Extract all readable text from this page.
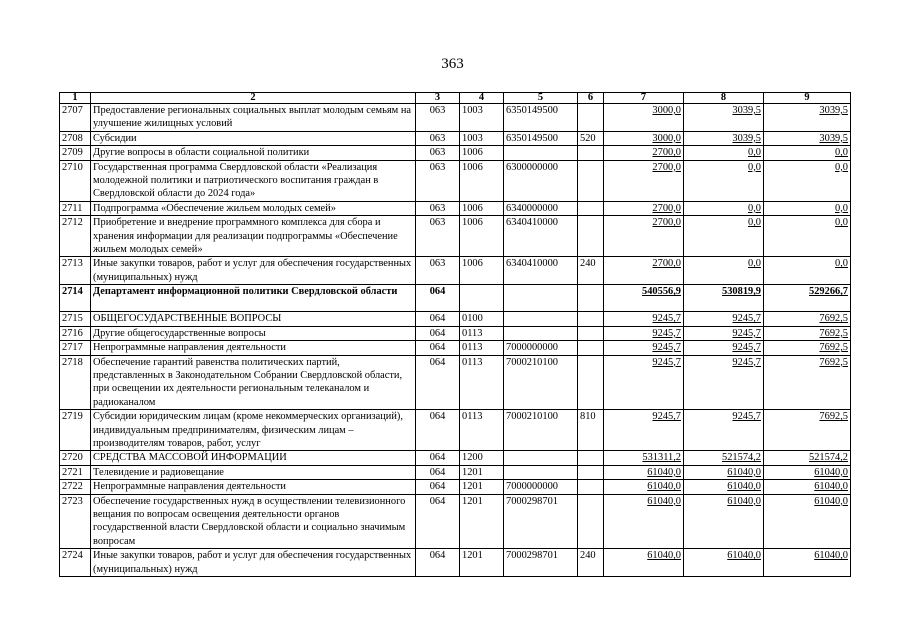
363
1	2	3	4	5	6	7	8	9
2707	Предоставление региональных социальных выплат молодым семьям на улучшение жилищных условий	063	1003	6350149500		3000,0	3039,5	3039,5
2708	Субсидии	063	1003	6350149500	520	3000,0	3039,5	3039,5
2709	Другие вопросы в области социальной политики	063	1006			2700,0	0,0	0,0
2710	Государственная программа Свердловской области «Реализация молодежной политики и патриотического воспитания граждан в Свердловской области до 2024 года»	063	1006	6300000000		2700,0	0,0	0,0
2711	Подпрограмма «Обеспечение жильем молодых семей»	063	1006	6340000000		2700,0	0,0	0,0
2712	Приобретение и внедрение программного комплекса для сбора и хранения информации для реализации подпрограммы «Обеспечение жильем молодых семей»	063	1006	6340410000		2700,0	0,0	0,0
2713	Иные закупки товаров, работ и услуг для обеспечения государственных (муниципальных) нужд	063	1006	6340410000	240	2700,0	0,0	0,0
2714	Департамент информационной политики Свердловской области	064				540556,9	530819,9	529266,7
2715	ОБЩЕГОСУДАРСТВЕННЫЕ ВОПРОСЫ	064	0100			9245,7	9245,7	7692,5
2716	Другие общегосударственные вопросы	064	0113			9245,7	9245,7	7692,5
2717	Непрограммные направления деятельности	064	0113	7000000000		9245,7	9245,7	7692,5
2718	Обеспечение гарантий равенства политических партий, представленных в Законодательном Собрании Свердловской области, при освещении их деятельности региональным телеканалом и радиоканалом	064	0113	7000210100		9245,7	9245,7	7692,5
2719	Субсидии юридическим лицам (кроме некоммерческих организаций), индивидуальным предпринимателям, физическим лицам – производителям товаров, работ, услуг	064	0113	7000210100	810	9245,7	9245,7	7692,5
2720	СРЕДСТВА МАССОВОЙ ИНФОРМАЦИИ	064	1200			531311,2	521574,2	521574,2
2721	Телевидение и радиовещание	064	1201			61040,0	61040,0	61040,0
2722	Непрограммные направления деятельности	064	1201	7000000000		61040,0	61040,0	61040,0
2723	Обеспечение государственных нужд в осуществлении телевизионного вещания по вопросам освещения деятельности органов государственной власти Свердловской области и социально значимым вопросам	064	1201	7000298701		61040,0	61040,0	61040,0
2724	Иные закупки товаров, работ и услуг для обеспечения государственных (муниципальных) нужд	064	1201	7000298701	240	61040,0	61040,0	61040,0
